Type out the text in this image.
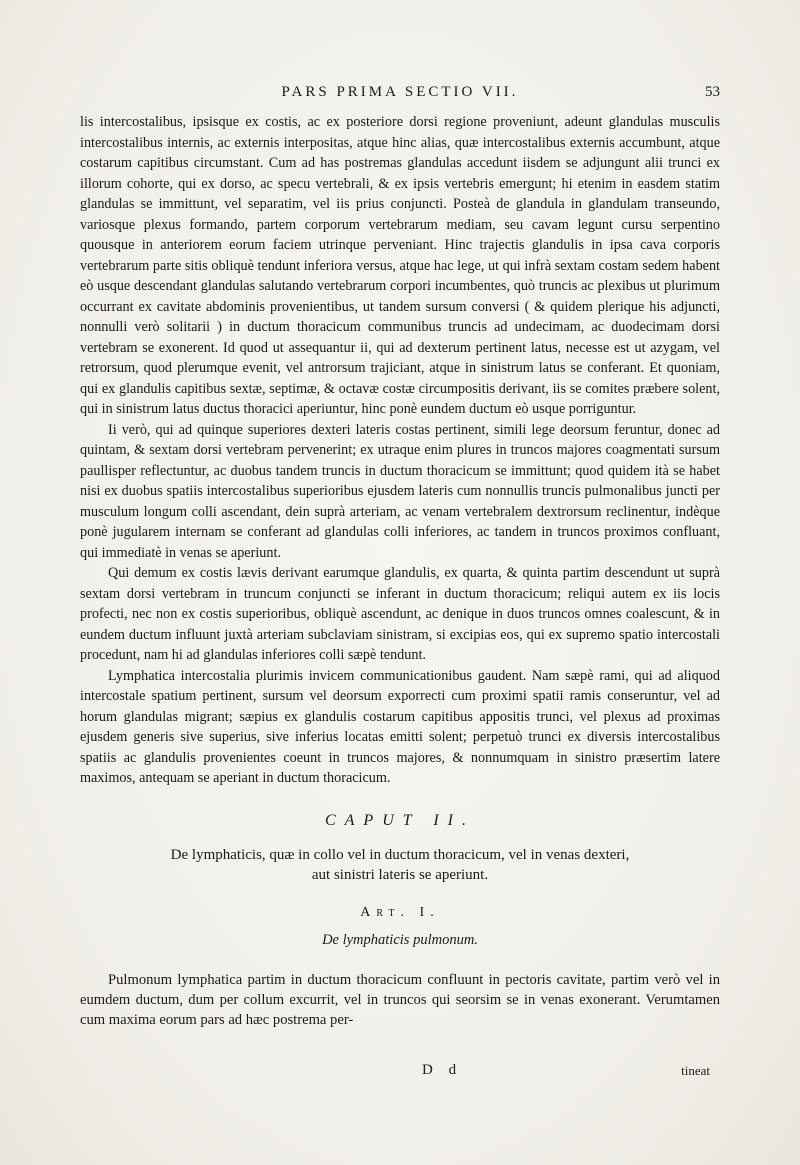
PARS PRIMA SECTIO VII.	53

lis intercostalibus, ipsisque ex costis, ac ex posteriore dorsi regione proveniunt, adeunt glandulas musculis intercostalibus internis, ac externis interpositas, atque hinc alias, quæ intercostalibus externis accumbunt, atque costarum capitibus circumstant. Cum ad has postremas glandulas accedunt iisdem se adjungunt alii trunci ex illorum cohorte, qui ex dorso, ac specu vertebrali, & ex ipsis vertebris emergunt; hi etenim in easdem statim glandulas se immittunt, vel separatim, vel iis prius conjuncti. Posteà de glandula in glandulam transeundo, variosque plexus formando, partem corporum vertebrarum mediam, seu cavam legunt cursu serpentino quousque in anteriorem eorum faciem utrinque perveniant. Hinc trajectis glandulis in ipsa cava corporis vertebrarum parte sitis obliquè tendunt inferiora versus, atque hac lege, ut qui infrà sextam costam sedem habent eò usque descendant glandulas salutando vertebrarum corpori incumbentes, quò truncis ac plexibus ut plurimum occurrant ex cavitate abdominis provenientibus, ut tandem sursum conversi ( & quidem plerique his adjuncti, nonnulli verò solitarii ) in ductum thoracicum communibus truncis ad undecimam, ac duodecimam dorsi vertebram se exonerent. Id quod ut assequantur ii, qui ad dexterum pertinent latus, necesse est ut azygam, vel retrorsum, quod plerumque evenit, vel antrorsum trajiciant, atque in sinistrum latus se conferant. Et quoniam, qui ex glandulis capitibus sextæ, septimæ, & octavæ costæ circumpositis derivant, iis se comites præbere solent, qui in sinistrum latus ductus thoracici aperiuntur, hinc ponè eundem ductum eò usque porriguntur.

Ii verò, qui ad quinque superiores dexteri lateris costas pertinent, simili lege deorsum feruntur, donec ad quintam, & sextam dorsi vertebram pervenerint; ex utraque enim plures in truncos majores coagmentati sursum paullisper reflectuntur, ac duobus tandem truncis in ductum thoracicum se immittunt; quod quidem ità se habet nisi ex duobus spatiis intercostalibus superioribus ejusdem lateris cum nonnullis truncis pulmonalibus juncti per musculum longum colli ascendant, dein suprà arteriam, ac venam vertebralem dextrorsum reclinentur, indèque ponè jugularem internam se conferant ad glandulas colli inferiores, ac tandem in truncos proximos confluant, qui immediatè in venas se aperiunt.

Qui demum ex costis lævis derivant earumque glandulis, ex quarta, & quinta partim descendunt ut suprà sextam dorsi vertebram in truncum conjuncti se inferant in ductum thoracicum; reliqui autem ex iis locis profecti, nec non ex costis superioribus, obliquè ascendunt, ac denique in duos truncos omnes coalescunt, & in eundem ductum influunt juxtà arteriam subclaviam sinistram, si excipias eos, qui ex supremo spatio intercostali procedunt, nam hi ad glandulas inferiores colli sæpè tendunt.

Lymphatica intercostalia plurimis invicem communicationibus gaudent. Nam sæpè rami, qui ad aliquod intercostale spatium pertinent, sursum vel deorsum exporrecti cum proximi spatii ramis conseruntur, vel ad horum glandulas migrant; sæpius ex glandulis costarum capitibus appositis trunci, vel plexus ad proximas ejusdem generis sive superius, sive inferius locatas emitti solent; perpetuò trunci ex diversis intercostalibus spatiis ac glandulis provenientes coeunt in truncos majores, & nonnumquam in sinistro præsertim latere maximos, antequam se aperiant in ductum thoracicum.

CAPUT II.
De lymphaticis, quæ in collo vel in ductum thoracicum, vel in venas dexteri,
aut sinistri lateris se aperiunt.
Art. I.
De lymphaticis pulmonum.

Pulmonum lymphatica partim in ductum thoracicum confluunt in pectoris cavitate, partim verò vel in eumdem ductum, dum per collum excurrit, vel in truncos qui seorsim se in venas exonerant. Verumtamen cum maxima eorum pars ad hæc postrema per-

D d	tineat
